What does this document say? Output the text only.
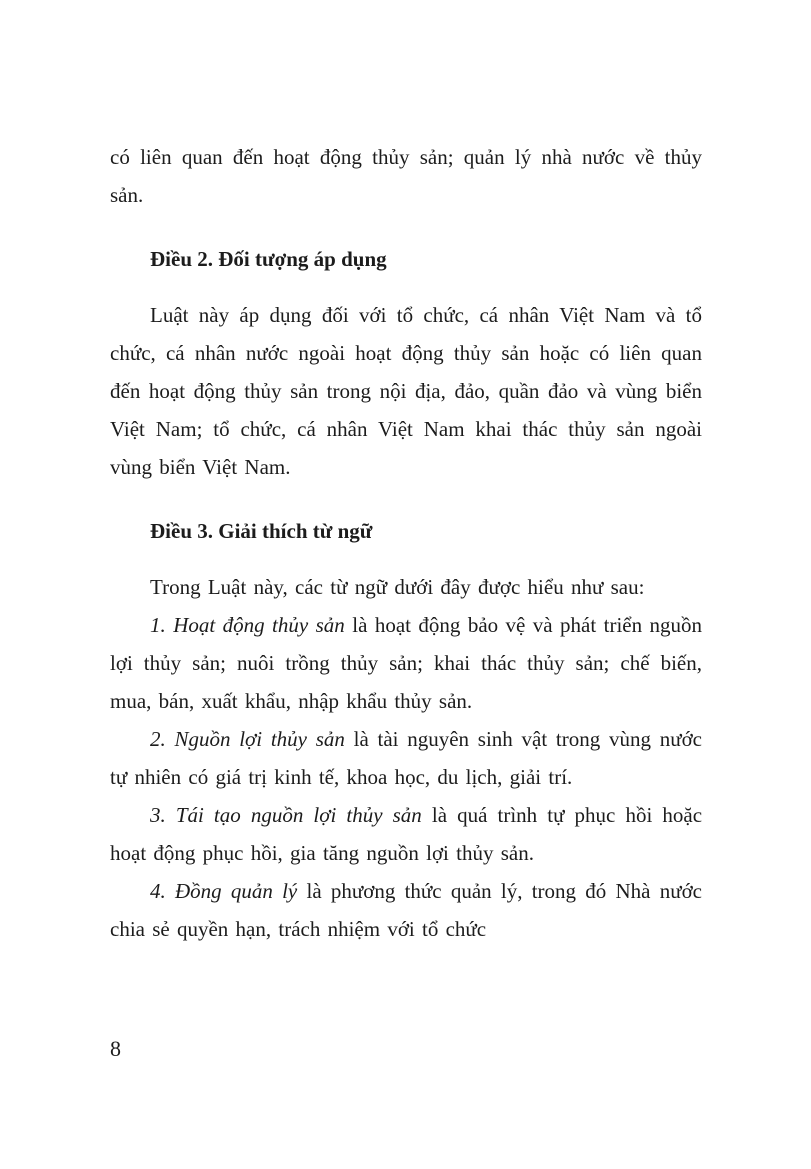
có liên quan đến hoạt động thủy sản; quản lý nhà nước về thủy sản.

Điều 2. Đối tượng áp dụng

Luật này áp dụng đối với tổ chức, cá nhân Việt Nam và tổ chức, cá nhân nước ngoài hoạt động thủy sản hoặc có liên quan đến hoạt động thủy sản trong nội địa, đảo, quần đảo và vùng biển Việt Nam; tổ chức, cá nhân Việt Nam khai thác thủy sản ngoài vùng biển Việt Nam.

Điều 3. Giải thích từ ngữ

Trong Luật này, các từ ngữ dưới đây được hiểu như sau:

1. Hoạt động thủy sản là hoạt động bảo vệ và phát triển nguồn lợi thủy sản; nuôi trồng thủy sản; khai thác thủy sản; chế biến, mua, bán, xuất khẩu, nhập khẩu thủy sản.

2. Nguồn lợi thủy sản là tài nguyên sinh vật trong vùng nước tự nhiên có giá trị kinh tế, khoa học, du lịch, giải trí.

3. Tái tạo nguồn lợi thủy sản là quá trình tự phục hồi hoặc hoạt động phục hồi, gia tăng nguồn lợi thủy sản.

4. Đồng quản lý là phương thức quản lý, trong đó Nhà nước chia sẻ quyền hạn, trách nhiệm với tổ chức

8
